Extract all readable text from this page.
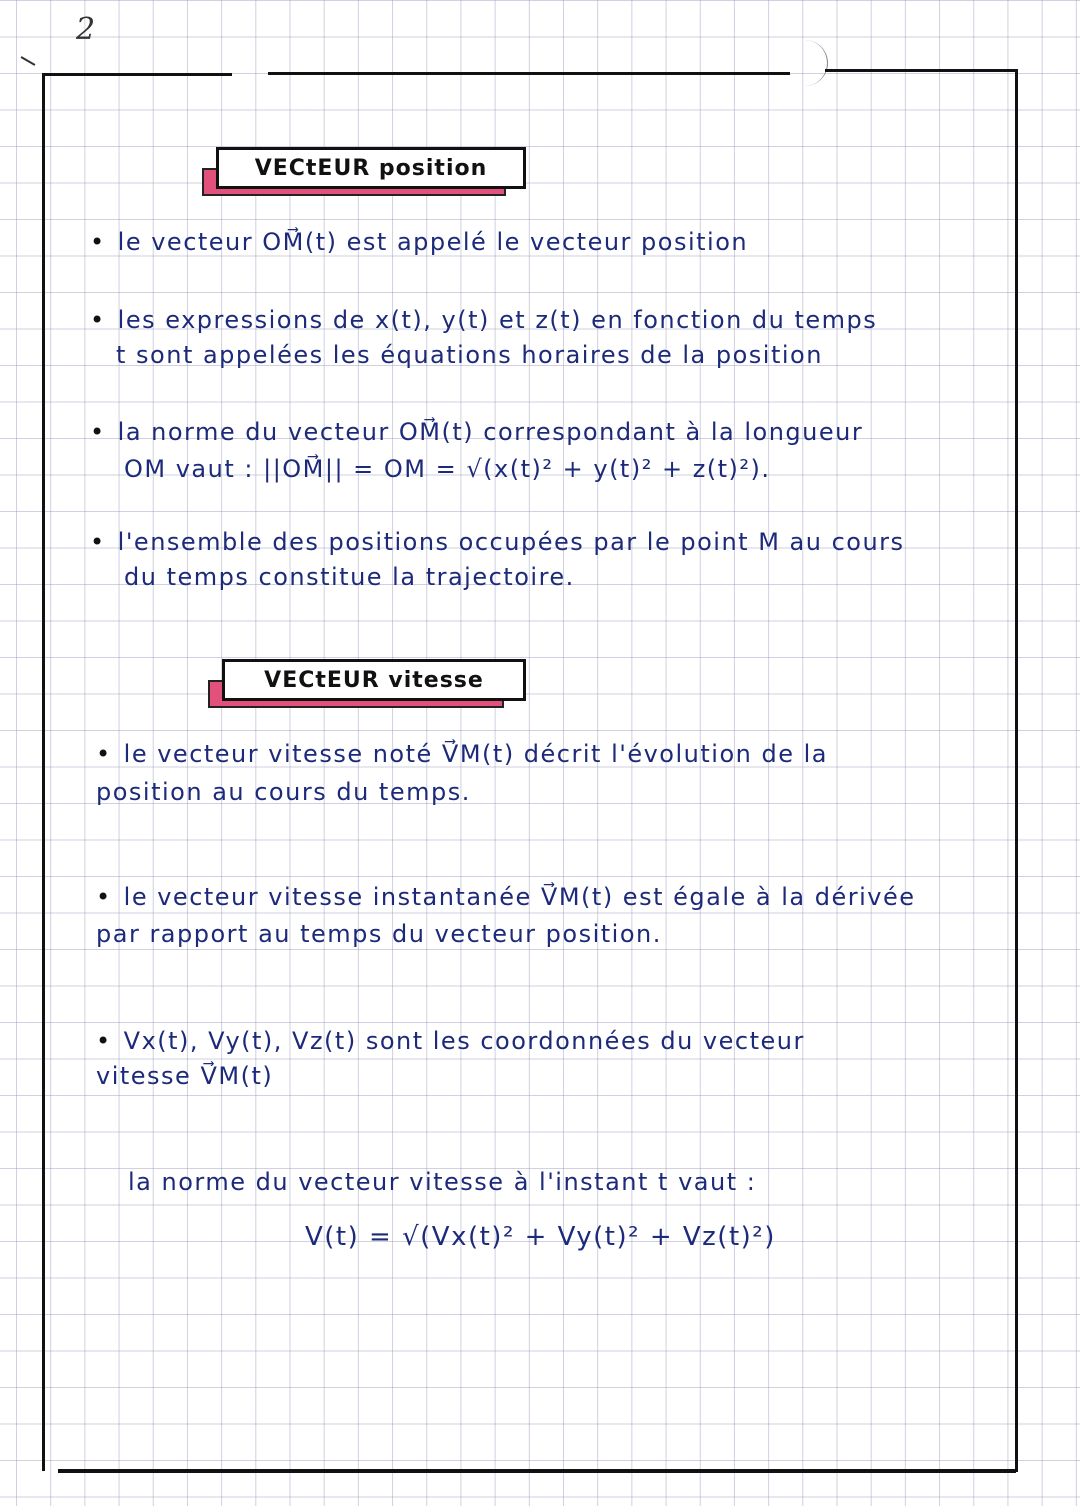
2
VECtEUR position
• le vecteur OM⃗(t) est appelé le vecteur position
• les expressions de x(t), y(t) et z(t) en fonction du temps
t sont appelées les équations horaires de la position
• la norme du vecteur OM⃗(t) correspondant à la longueur
OM vaut : ||OM⃗|| = OM = √(x(t)² + y(t)² + z(t)²).
• l'ensemble des positions occupées par le point M au cours
du temps constitue la trajectoire.
VECtEUR vitesse
• le vecteur vitesse noté V⃗M(t) décrit l'évolution de la
position au cours du temps.
• le vecteur vitesse instantanée V⃗M(t) est égale à la dérivée
par rapport au temps du vecteur position.
• Vx(t), Vy(t), Vz(t) sont les coordonnées du vecteur
vitesse V⃗M(t)
la norme du vecteur vitesse à l'instant t vaut :
V(t) = √(Vx(t)² + Vy(t)² + Vz(t)²)
